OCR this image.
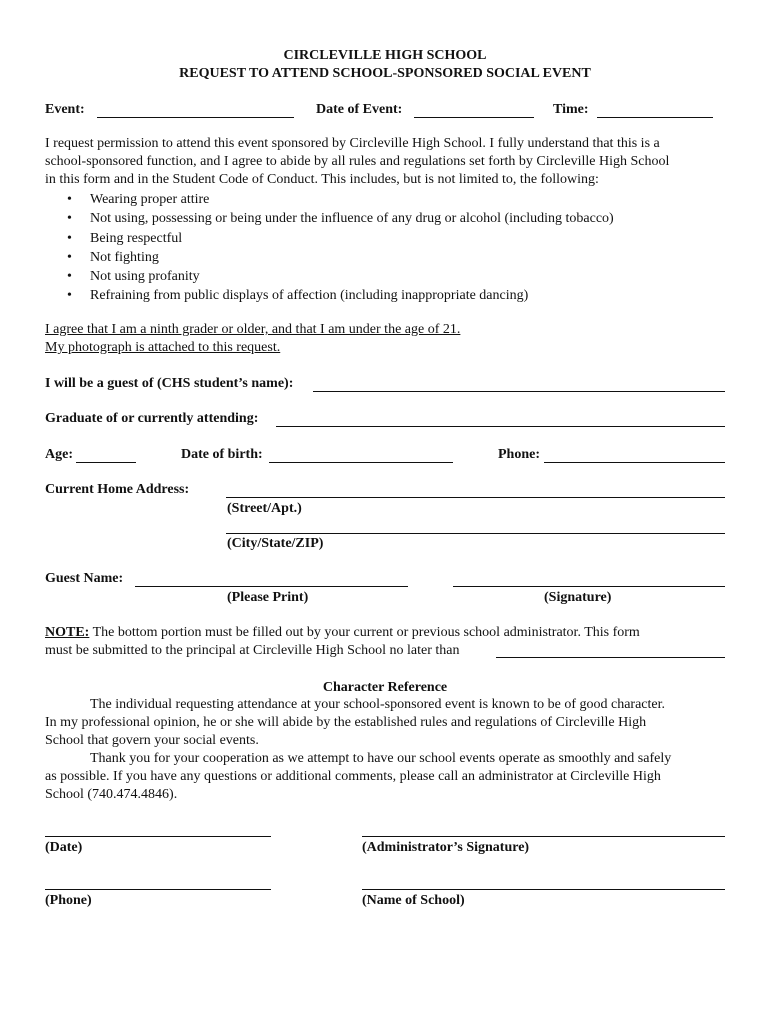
CIRCLEVILLE HIGH SCHOOL
REQUEST TO ATTEND SCHOOL-SPONSORED SOCIAL EVENT
Event:	Date of Event:	Time:
I request permission to attend this event sponsored by Circleville High School. I fully understand that this is a
school-sponsored function, and I agree to abide by all rules and regulations set forth by Circleville High School
in this form and in the Student Code of Conduct. This includes, but is not limited to, the following:
• Wearing proper attire
• Not using, possessing or being under the influence of any drug or alcohol (including tobacco)
• Being respectful
• Not fighting
• Not using profanity
• Refraining from public displays of affection (including inappropriate dancing)
I agree that I am a ninth grader or older, and that I am under the age of 21.
My photograph is attached to this request.
I will be a guest of (CHS student’s name):
Graduate of or currently attending:
Age:	Date of birth:	Phone:
Current Home Address:
(Street/Apt.)
(City/State/ZIP)
Guest Name:
(Please Print)	(Signature)
NOTE: The bottom portion must be filled out by your current or previous school administrator. This form
must be submitted to the principal at Circleville High School no later than
Character Reference
The individual requesting attendance at your school-sponsored event is known to be of good character.
In my professional opinion, he or she will abide by the established rules and regulations of Circleville High
School that govern your social events.
Thank you for your cooperation as we attempt to have our school events operate as smoothly and safely
as possible. If you have any questions or additional comments, please call an administrator at Circleville High
School (740.474.4846).
(Date)	(Administrator’s Signature)
(Phone)	(Name of School)
